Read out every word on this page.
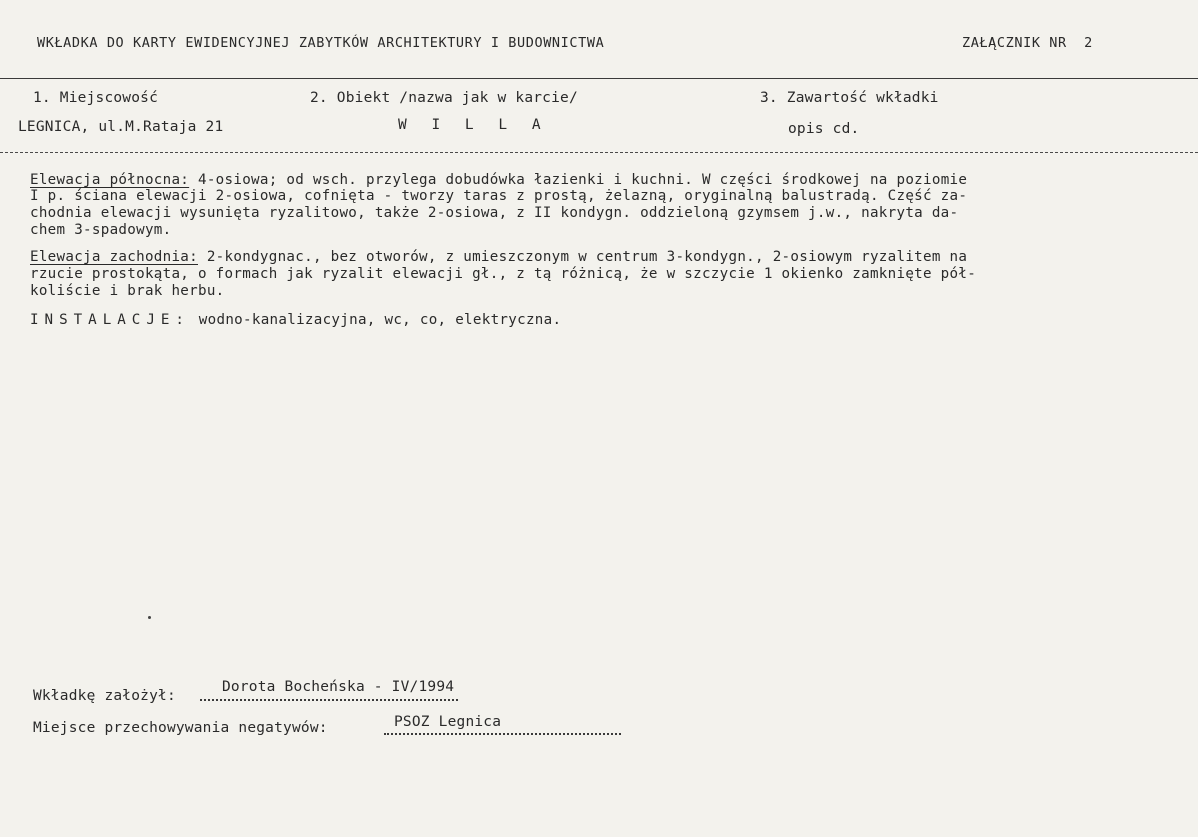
WKŁADKA DO KARTY EWIDENCYJNEJ ZABYTKÓW ARCHITEKTURY I BUDOWNICTWA	ZAŁĄCZNIK NR  2
1. Miejscowość	2. Obiekt /nazwa jak w karcie/	3. Zawartość wkładki
LEGNICA, ul.M.Rataja 21	W I L L A	opis cd.
Elewacja północna: 4-osiowa; od wsch. przylega dobudówka łazienki i kuchni. W części środkowej na poziomie
I p. ściana elewacji 2-osiowa, cofnięta - tworzy taras z prostą, żelazną, oryginalną balustradą. Część za-
chodnia elewacji wysunięta ryzalitowo, także 2-osiowa, z II kondygn. oddzieloną gzymsem j.w., nakryta da-
chem 3-spadowym.
Elewacja zachodnia: 2-kondygnac., bez otworów, z umieszczonym w centrum 3-kondygn., 2-osiowym ryzalitem na
rzucie prostokąta, o formach jak ryzalit elewacji gł., z tą różnicą, że w szczycie 1 okienko zamknięte pół-
koliście i brak herbu.
INSTALACJE: wodno-kanalizacyjna, wc, co, elektryczna.
Wkładkę założył:
Dorota Bocheńska - IV/1994
Miejsce przechowywania negatywów:	PSOZ Legnica
